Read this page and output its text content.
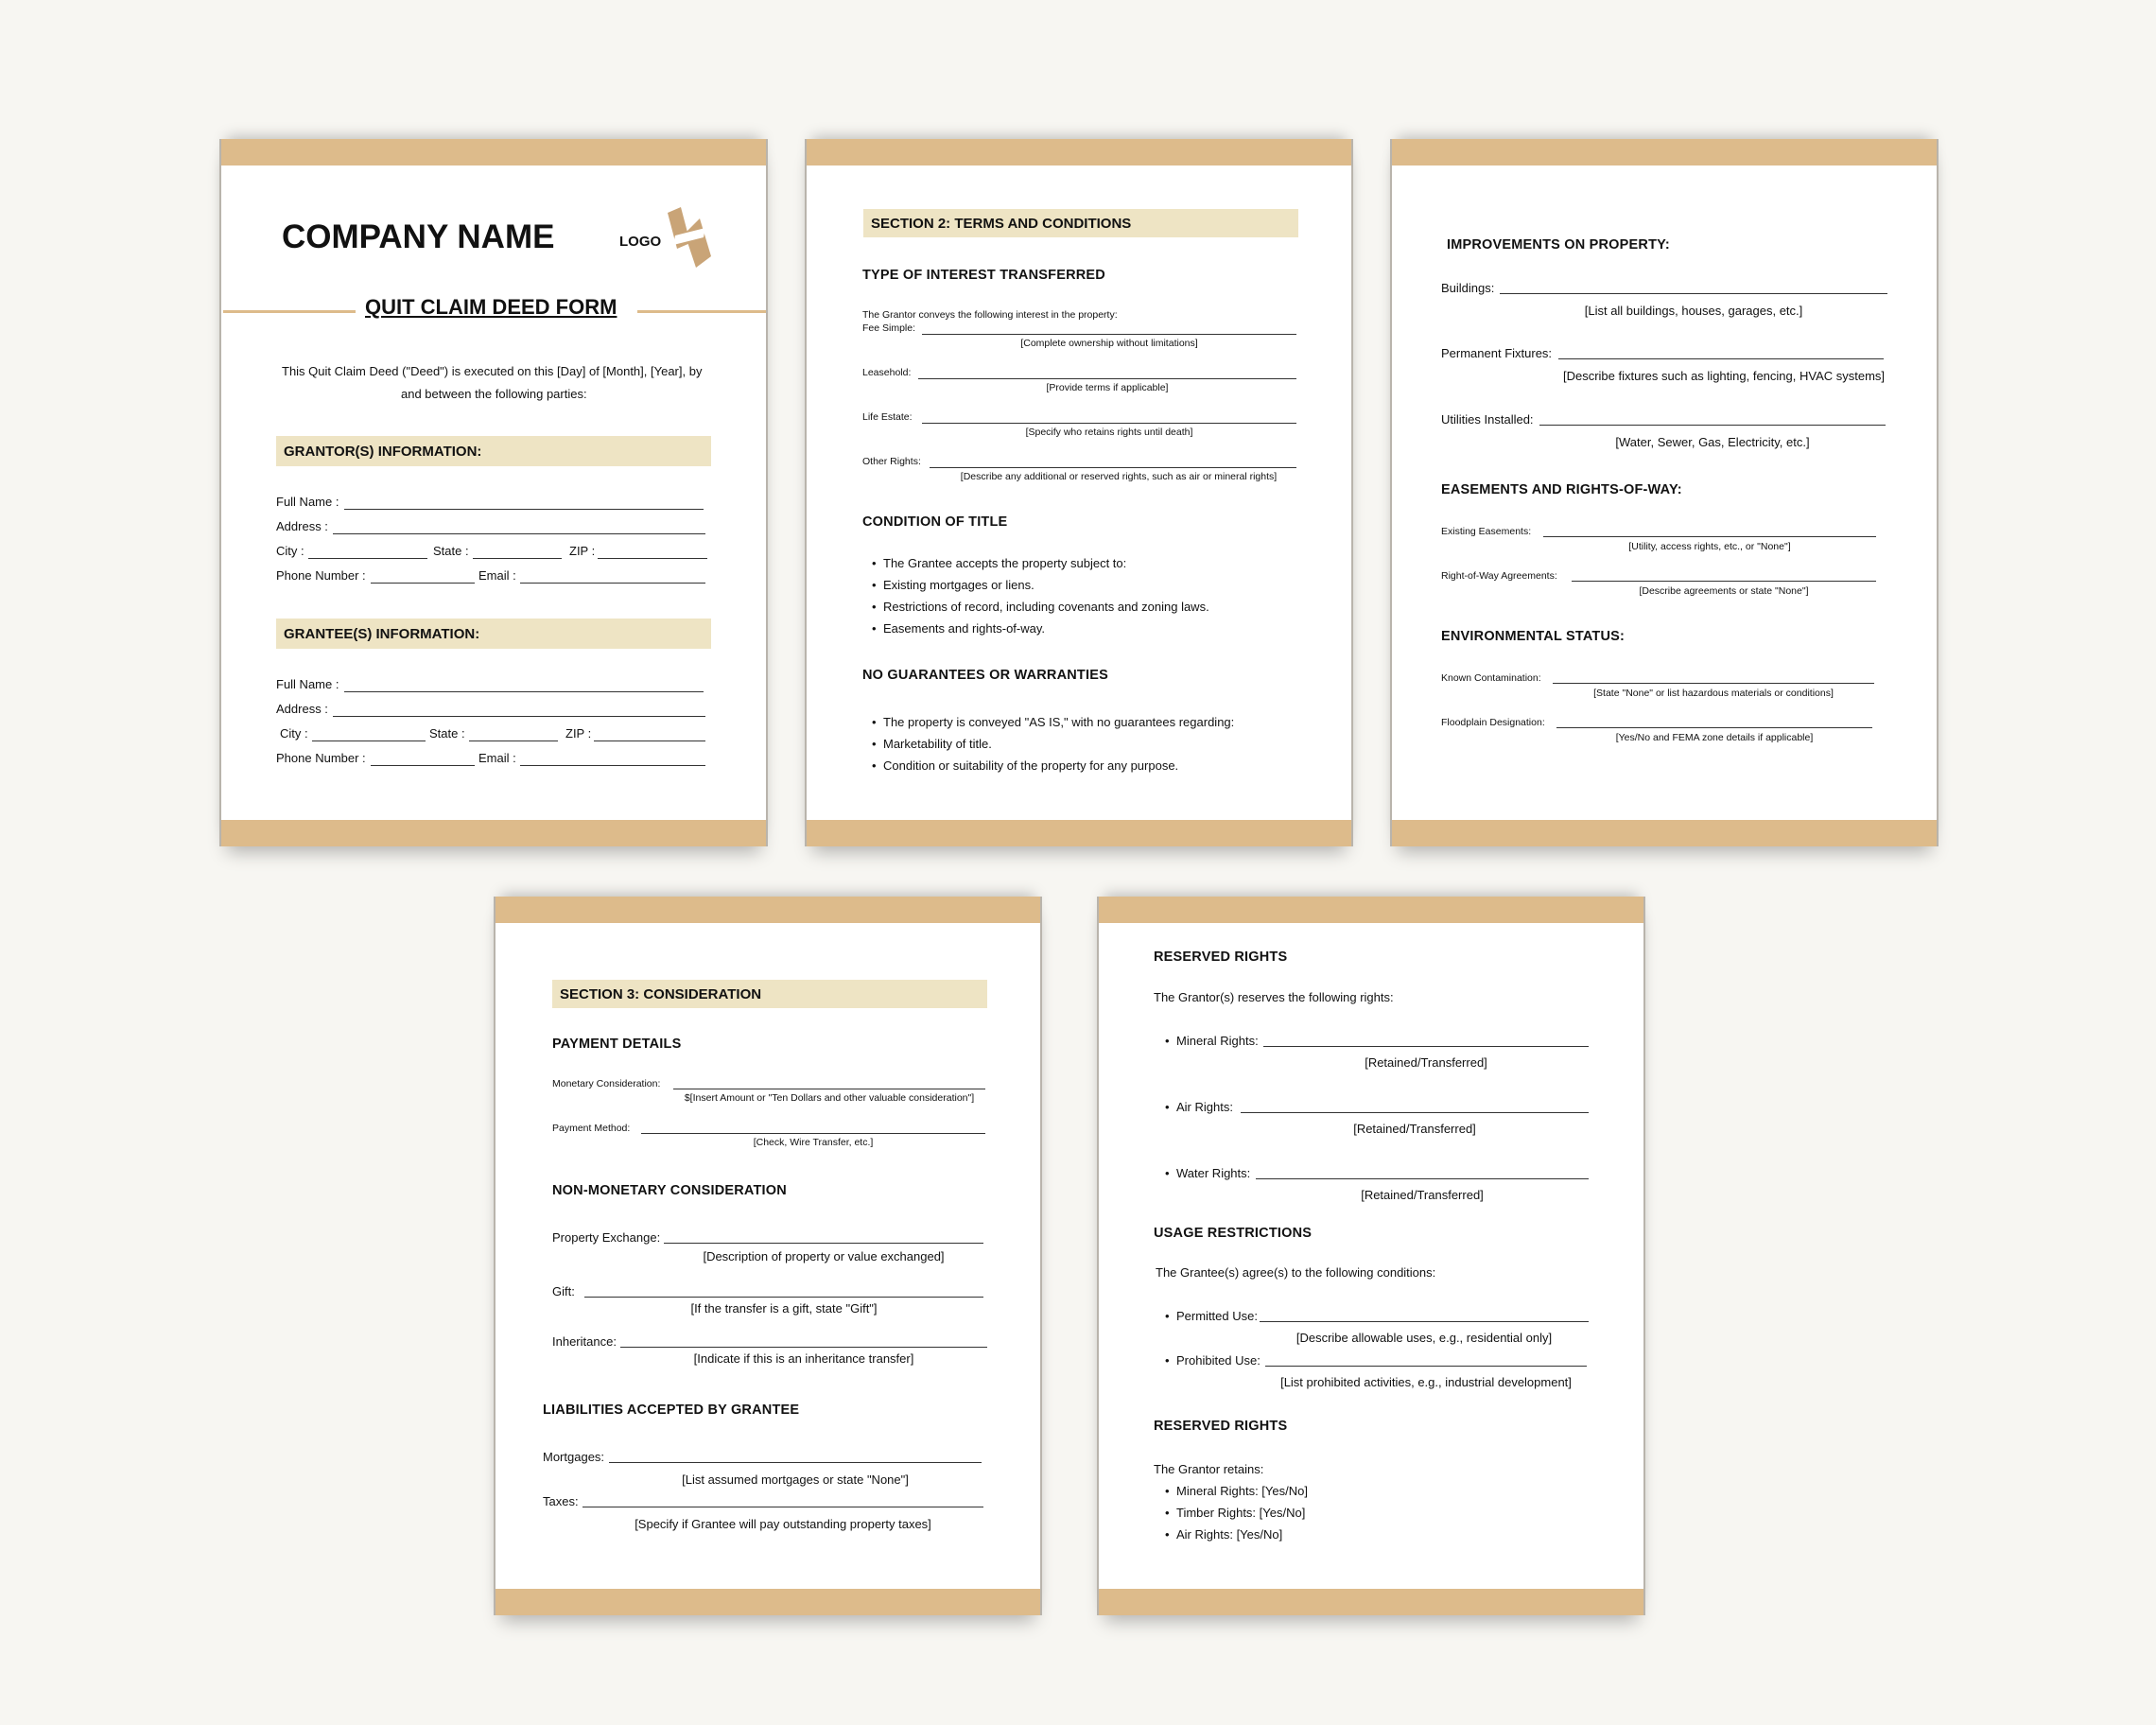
COMPANY NAME	LOGO
QUIT CLAIM DEED FORM
This Quit Claim Deed ("Deed") is executed on this [Day] of [Month], [Year], by
and between the following parties:
GRANTOR(S) INFORMATION:
Full Name :
Address :
City :	State :	ZIP :
Phone Number :	Email :
GRANTEE(S) INFORMATION:
Full Name :
Address :
City :	State :	ZIP :
Phone Number :	Email :
SECTION 2: TERMS AND CONDITIONS
TYPE OF INTEREST TRANSFERRED
The Grantor conveys the following interest in the property:
Fee Simple:
[Complete ownership without limitations]
Leasehold:
[Provide terms if applicable]
Life Estate:
[Specify who retains rights until death]
Other Rights:
[Describe any additional or reserved rights, such as air or mineral rights]
CONDITION OF TITLE
• The Grantee accepts the property subject to:
• Existing mortgages or liens.
• Restrictions of record, including covenants and zoning laws.
• Easements and rights-of-way.
NO GUARANTEES OR WARRANTIES
• The property is conveyed "AS IS," with no guarantees regarding:
• Marketability of title.
• Condition or suitability of the property for any purpose.
IMPROVEMENTS ON PROPERTY:
Buildings:
[List all buildings, houses, garages, etc.]
Permanent Fixtures:
[Describe fixtures such as lighting, fencing, HVAC systems]
Utilities Installed:
[Water, Sewer, Gas, Electricity, etc.]
EASEMENTS AND RIGHTS-OF-WAY:
Existing Easements:
[Utility, access rights, etc., or "None"]
Right-of-Way Agreements:
[Describe agreements or state "None"]
ENVIRONMENTAL STATUS:
Known Contamination:
[State "None" or list hazardous materials or conditions]
Floodplain Designation:
[Yes/No and FEMA zone details if applicable]
SECTION 3: CONSIDERATION
PAYMENT DETAILS
Monetary Consideration:
$[Insert Amount or "Ten Dollars and other valuable consideration"]
Payment Method:
[Check, Wire Transfer, etc.]
NON-MONETARY CONSIDERATION
Property Exchange:
[Description of property or value exchanged]
Gift:
[If the transfer is a gift, state "Gift"]
Inheritance:
[Indicate if this is an inheritance transfer]
LIABILITIES ACCEPTED BY GRANTEE
Mortgages:
[List assumed mortgages or state "None"]
Taxes:
[Specify if Grantee will pay outstanding property taxes]
RESERVED RIGHTS
The Grantor(s) reserves the following rights:
• Mineral Rights:
[Retained/Transferred]
• Air Rights:
[Retained/Transferred]
• Water Rights:
[Retained/Transferred]
USAGE RESTRICTIONS
The Grantee(s) agree(s) to the following conditions:
• Permitted Use:
[Describe allowable uses, e.g., residential only]
• Prohibited Use:
[List prohibited activities, e.g., industrial development]
RESERVED RIGHTS
The Grantor retains:
• Mineral Rights: [Yes/No]
• Timber Rights: [Yes/No]
• Air Rights: [Yes/No]
